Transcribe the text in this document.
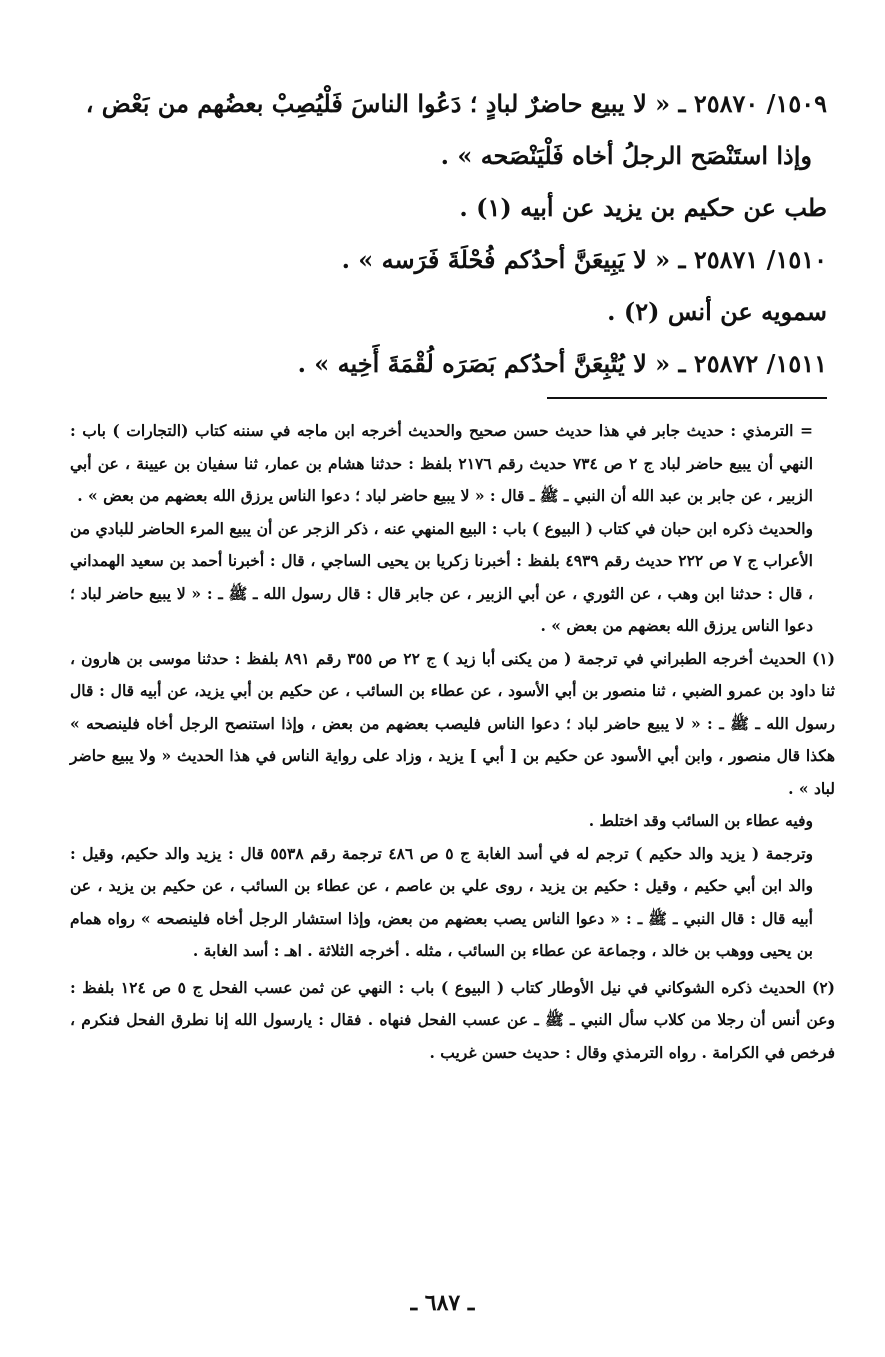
١٥٠٩/ ٢٥٨٧٠ ـ « لا يبيع حاضرٌ لبادٍ ؛ دَعُوا الناسَ فَلْيُصِبْ بعضُهم من بَعْض ،
وإذا استَنْصَح الرجلُ أخاه فَلْيَنْصَحه » .
طب عن حكيم بن يزيد عن أبيه (١) .
١٥١٠/ ٢٥٨٧١ ـ « لا يَبِيعَنَّ أحدُكم فُحْلَةَ فَرَسه » .
سمويه عن أنس (٢) .
١٥١١/ ٢٥٨٧٢ ـ « لا يُتْبِعَنَّ أحدُكم بَصَرَه لُقْمَةَ أَخِيه » .

= الترمذي : حديث جابر في هذا حديث حسن صحيح والحديث أخرجه ابن ماجه في سننه كتاب (التجارات ) باب : النهي أن يبيع حاضر لباد ج ٢ ص ٧٣٤ حديث رقم ٢١٧٦ بلفظ : حدثنا هشام بن عمار، ثنا سفيان بن عيينة ، عن أبي الزبير ، عن جابر بن عبد الله أن النبي ـ ﷺ ـ قال : « لا يبيع حاضر لباد ؛ دعوا الناس يرزق الله بعضهم من بعض » .

والحديث ذكره ابن حبان في كتاب ( البيوع ) باب : البيع المنهي عنه ، ذكر الزجر عن أن يبيع المرء الحاضر للبادي من الأعراب ج ٧ ص ٢٢٢ حديث رقم ٤٩٣٩ بلفظ : أخبرنا زكريا بن يحيى الساجي ، قال : أخبرنا أحمد بن سعيد الهمداني ، قال : حدثنا ابن وهب ، عن الثوري ، عن أبي الزبير ، عن جابر قال : قال رسول الله ـ ﷺ ـ : « لا يبيع حاضر لباد ؛ دعوا الناس يرزق الله بعضهم من بعض » .

(١) الحديث أخرجه الطبراني في ترجمة ( من يكنى أبا زيد ) ج ٢٢ ص ٣٥٥ رقم ٨٩١ بلفظ : حدثنا موسى بن هارون ، ثنا داود بن عمرو الضبي ، ثنا منصور بن أبي الأسود ، عن عطاء بن السائب ، عن حكيم بن أبي يزيد، عن أبيه قال : قال رسول الله ـ ﷺ ـ : « لا يبيع حاضر لباد ؛ دعوا الناس فليصب بعضهم من بعض ، وإذا استنصح الرجل أخاه فلينصحه » هكذا قال منصور ، وابن أبي الأسود عن حكيم بن [ أبي ] يزيد ، وزاد على رواية الناس في هذا الحديث « ولا يبيع حاضر لباد » .

وفيه عطاء بن السائب وقد اختلط .

وترجمة ( يزيد والد حكيم ) ترجم له في أسد الغابة ج ٥ ص ٤٨٦ ترجمة رقم ٥٥٣٨ قال : يزيد والد حكيم، وقيل : والد ابن أبي حكيم ، وقيل : حكيم بن يزيد ، روى علي بن عاصم ، عن عطاء بن السائب ، عن حكيم بن يزيد ، عن أبيه قال : قال النبي ـ ﷺ ـ : « دعوا الناس يصب بعضهم من بعض، وإذا استشار الرجل أخاه فلينصحه » رواه همام بن يحيى ووهب بن خالد ، وجماعة عن عطاء بن السائب ، مثله . أخرجه الثلاثة . اهـ : أسد الغابة .

(٢) الحديث ذكره الشوكاني في نيل الأوطار كتاب ( البيوع ) باب : النهي عن ثمن عسب الفحل ج ٥ ص ١٢٤ بلفظ : وعن أنس أن رجلا من كلاب سأل النبي ـ ﷺ ـ عن عسب الفحل فنهاه . فقال : يارسول الله إنا نطرق الفحل فنكرم ، فرخص في الكرامة . رواه الترمذي وقال : حديث حسن غريب .

ـ ٦٨٧ ـ
